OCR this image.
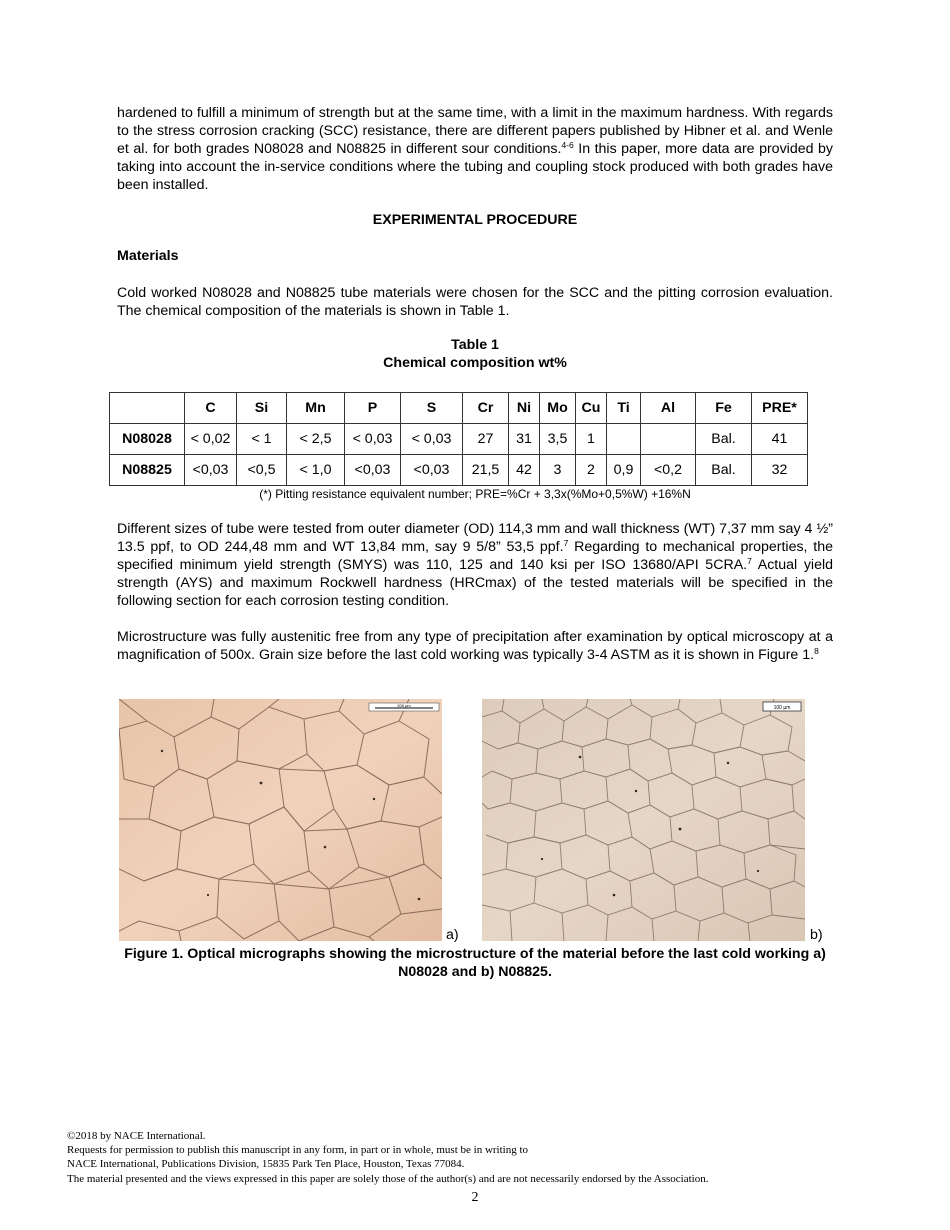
hardened to fulfill a minimum of strength but at the same time, with a limit in the maximum hardness. With regards to the stress corrosion cracking (SCC) resistance, there are different papers published by Hibner et al. and Wenle et al. for both grades N08028 and N08825 in different sour conditions.$^{4-6}$ In this paper, more data are provided by taking into account the in-service conditions where the tubing and coupling stock produced with both grades have been installed.

EXPERIMENTAL PROCEDURE

Materials

Cold worked N08028 and N08825 tube materials were chosen for the SCC and the pitting corrosion evaluation. The chemical composition of the materials is shown in Table 1.

Table 1

Chemical composition wt%

	C	Si	Mn	P	S	Cr	Ni	Mo	Cu	Ti	Al	Fe	PRE*
N08028	< 0,02	< 1	< 2,5	< 0,03	< 0,03	27	31	3,5	1			Bal.	41
N08825	<0,03	<0,5	< 1,0	<0,03	<0,03	21,5	42	3	2	0,9	<0,2	Bal.	32
(*) Pitting resistance equivalent number; PRE=%Cr + 3,3x(%Mo+0,5%W) +16%N

Different sizes of tube were tested from outer diameter (OD) 114,3 mm and wall thickness (WT) 7,37 mm say 4 ½” 13.5 ppf, to OD 244,48 mm and WT 13,84 mm, say 9 5/8” 53,5 ppf.$^7$ Regarding to mechanical properties, the specified minimum yield strength (SMYS) was 110, 125 and 140 ksi per ISO 13680/API 5CRA.$^7$ Actual yield strength (AYS) and maximum Rockwell hardness (HRCmax) of the tested materials will be specified in the following section for each corrosion testing condition.

Microstructure was fully austenitic free from any type of precipitation after examination by optical microscopy at a magnification of 500x. Grain size before the last cold working was typically 3-4 ASTM as it is shown in Figure 1.$^8$

200 µm
a)
100 µm
b)
Figure 1. Optical micrographs showing the microstructure of the material before the last cold working a) N08028 and b) N08825.
©2018 by NACE International.
Requests for permission to publish this manuscript in any form, in part or in whole, must be in writing to
NACE International, Publications Division, 15835 Park Ten Place, Houston, Texas 77084.
The material presented and the views expressed in this paper are solely those of the author(s) and are not necessarily endorsed by the Association.
2
